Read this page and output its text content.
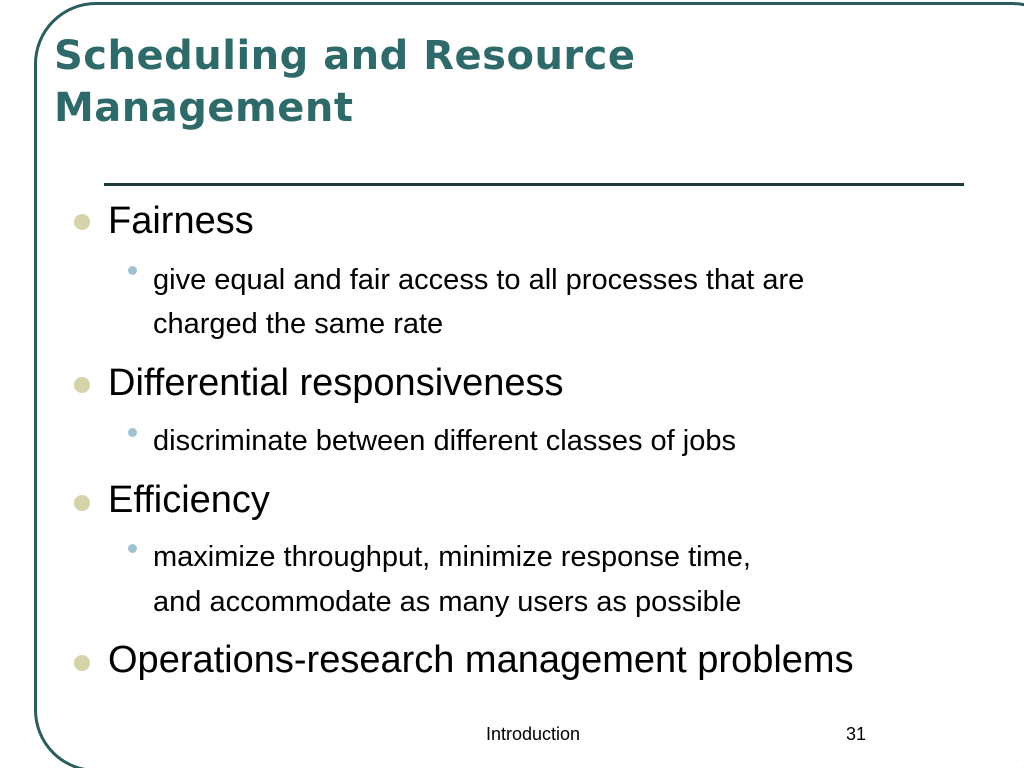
Scheduling and Resource
Management
Fairness
give equal and fair access to all processes that are
charged the same rate
Differential responsiveness
discriminate between different classes of jobs
Efficiency
maximize throughput, minimize response time,
and accommodate as many users as possible
Operations-research management problems
Introduction	31
